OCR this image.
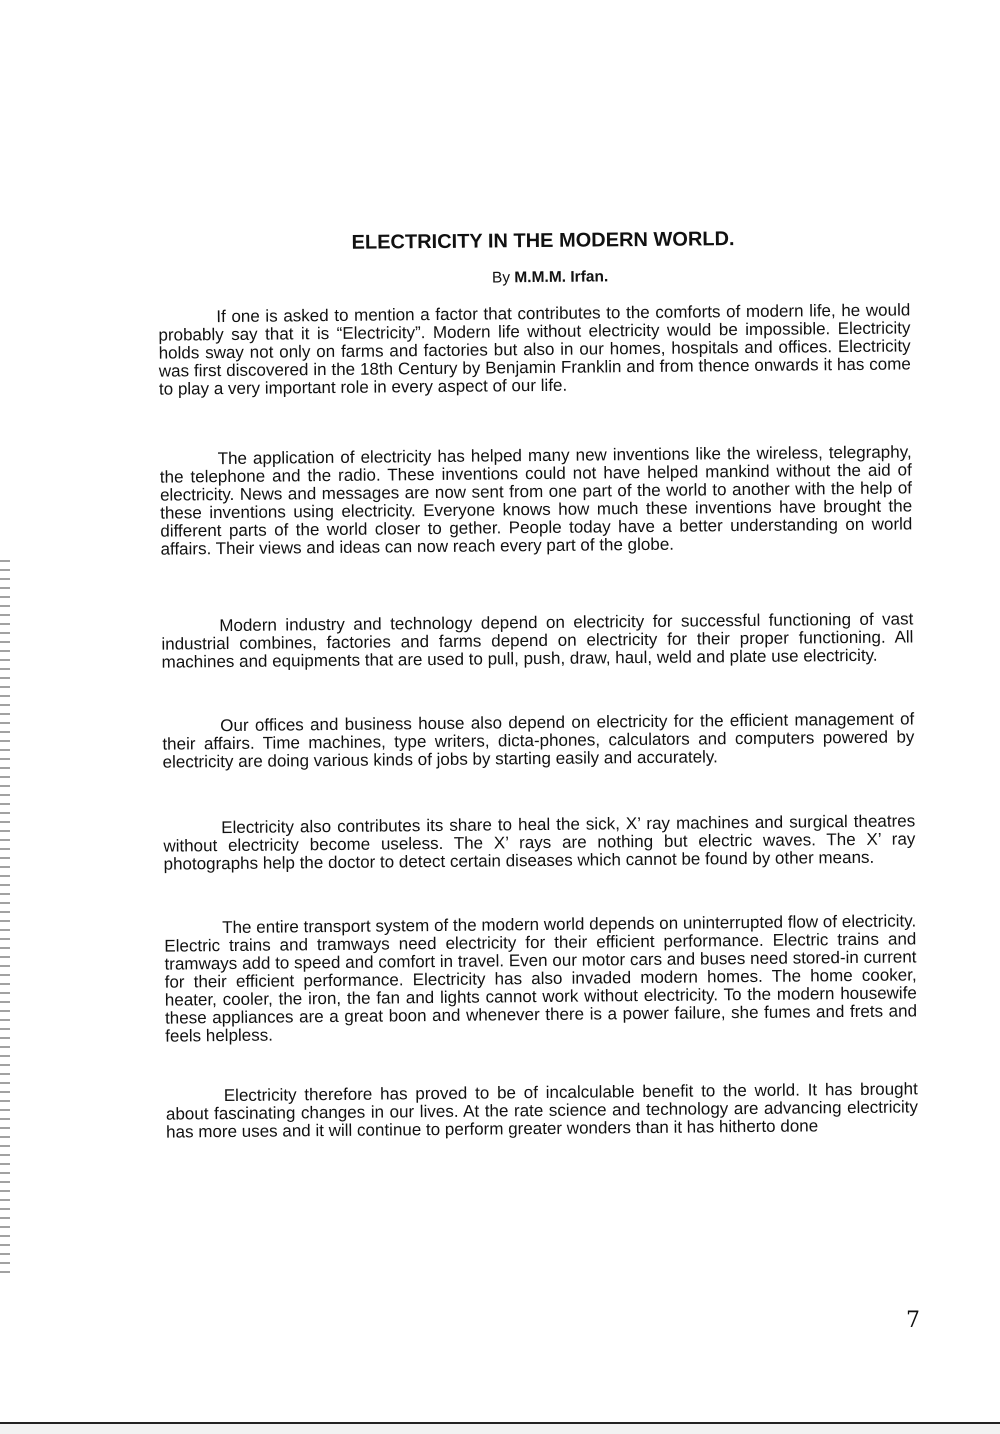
ELECTRICITY IN THE MODERN WORLD.
By M.M.M. Irfan.

If one is asked to mention a factor that contributes to the comforts of modern life, he would probably say that it is “Electricity”. Modern life without electricity would be impossible. Electricity holds sway not only on farms and factories but also in our homes, hospitals and offices. Electricity was first discovered in the 18th Century by Benjamin Franklin and from thence onwards it has come to play a very important role in every aspect of our life.

The application of electricity has helped many new inventions like the wireless, telegraphy, the telephone and the radio. These inventions could not have helped mankind without the aid of electricity. News and messages are now sent from one part of the world to another with the help of these inventions using electricity. Everyone knows how much these inventions have brought the different parts of the world closer to gether. People today have a better understanding on world affairs. Their views and ideas can now reach every part of the globe.

Modern industry and technology depend on electricity for successful functioning of vast industrial combines, factories and farms depend on electricity for their proper functioning. All machines and equipments that are used to pull, push, draw, haul, weld and plate use electricity.

Our offices and business house also depend on electricity for the efficient management of their affairs. Time machines, type writers, dicta-phones, calculators and computers powered by electricity are doing various kinds of jobs by starting easily and accurately.

Electricity also contributes its share to heal the sick, X’ ray machines and surgical theatres without electricity become useless. The X’ rays are nothing but electric waves. The X’ ray photographs help the doctor to detect certain diseases which cannot be found by other means.

The entire transport system of the modern world depends on uninterrupted flow of electricity. Electric trains and tramways need electricity for their efficient performance. Electric trains and tramways add to speed and comfort in travel. Even our motor cars and buses need stored-in current for their efficient performance. Electricity has also invaded modern homes. The home cooker, heater, cooler, the iron, the fan and lights cannot work without electricity. To the modern housewife these appliances are a great boon and whenever there is a power failure, she fumes and frets and feels helpless.

Electricity therefore has proved to be of incalculable benefit to the world. It has brought about fascinating changes in our lives. At the rate science and technology are advancing electricity has more uses and it will continue to perform greater wonders than it has hitherto done

7
